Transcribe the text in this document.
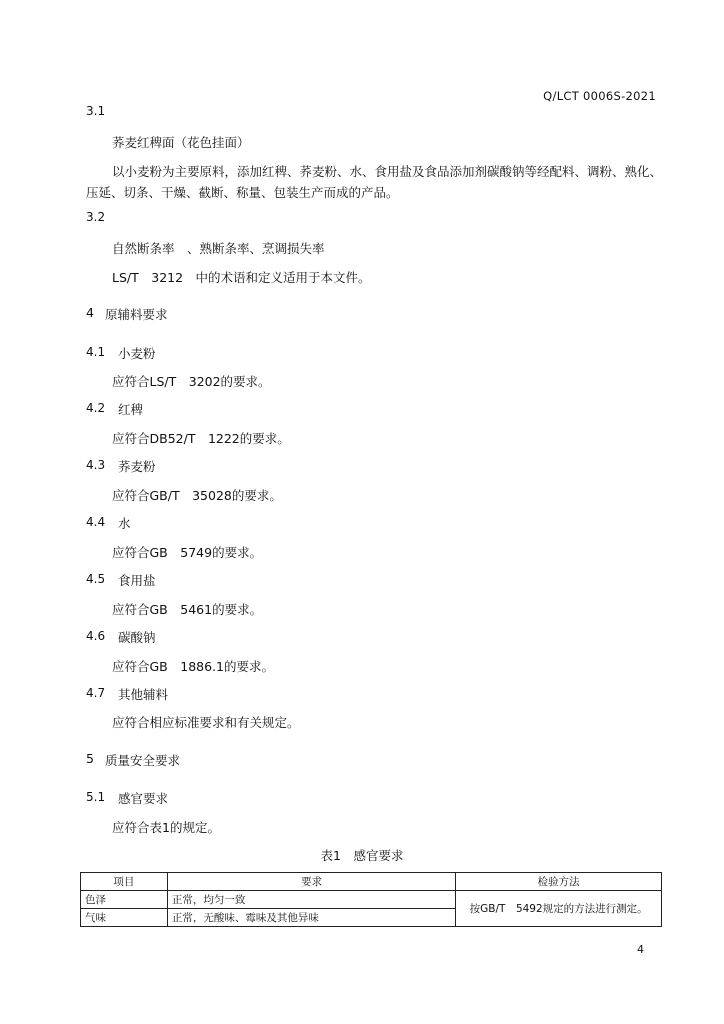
Q/LCT 0006S-2021
3.1
荞麦红稗面（花色挂面）
以小麦粉为主要原料，添加红稗、荞麦粉、水、食用盐及食品添加剂碳酸钠等经配料、调粉、熟化、
压延、切条、干燥、截断、称量、包装生产而成的产品。
3.2
自然断条率　、熟断条率、烹调损失率
LS/T　3212　中的术语和定义适用于本文件。
4 原辅料要求
4.1 小麦粉
应符合LS/T　3202的要求。
4.2 红稗
应符合DB52/T　1222的要求。
4.3 荞麦粉
应符合GB/T　35028的要求。
4.4 水
应符合GB　5749的要求。
4.5 食用盐
应符合GB　5461的要求。
4.6 碳酸钠
应符合GB　1886.1的要求。
4.7 其他辅料
应符合相应标准要求和有关规定。
5 质量安全要求
5.1 感官要求
应符合表1的规定。
表1　感官要求
项目	要求	检验方法
色泽	正常，均匀一致	按GB/T　5492规定的方法进行测定。
气味	正常，无酸味、霉味及其他异味	
4
